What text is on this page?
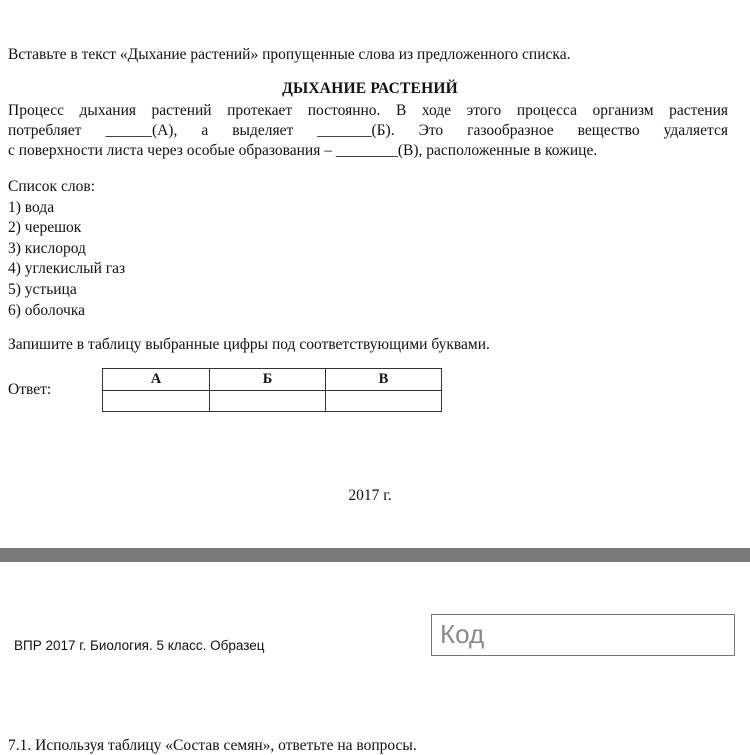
Вставьте в текст «Дыхание растений» пропущенные слова из предложенного списка.
ДЫХАНИЕ РАСТЕНИЙ
Процесс дыхания растений протекает постоянно. В ходе этого процесса организм растения
потребляет ______(А), а выделяет _______(Б). Это газообразное вещество удаляется
с поверхности листа через особые образования – ________(В), расположенные в кожице.
Список слов:
1) вода
2) черешок
3) кислород
4) углекислый газ
5) устьица
6) оболочка
Запишите в таблицу выбранные цифры под соответствующими буквами.
Ответ:
А	Б	В

2017 г.
ВПР 2017 г. Биология. 5 класс. Образец	Код
7.1. Используя таблицу «Состав семян», ответьте на вопросы.
